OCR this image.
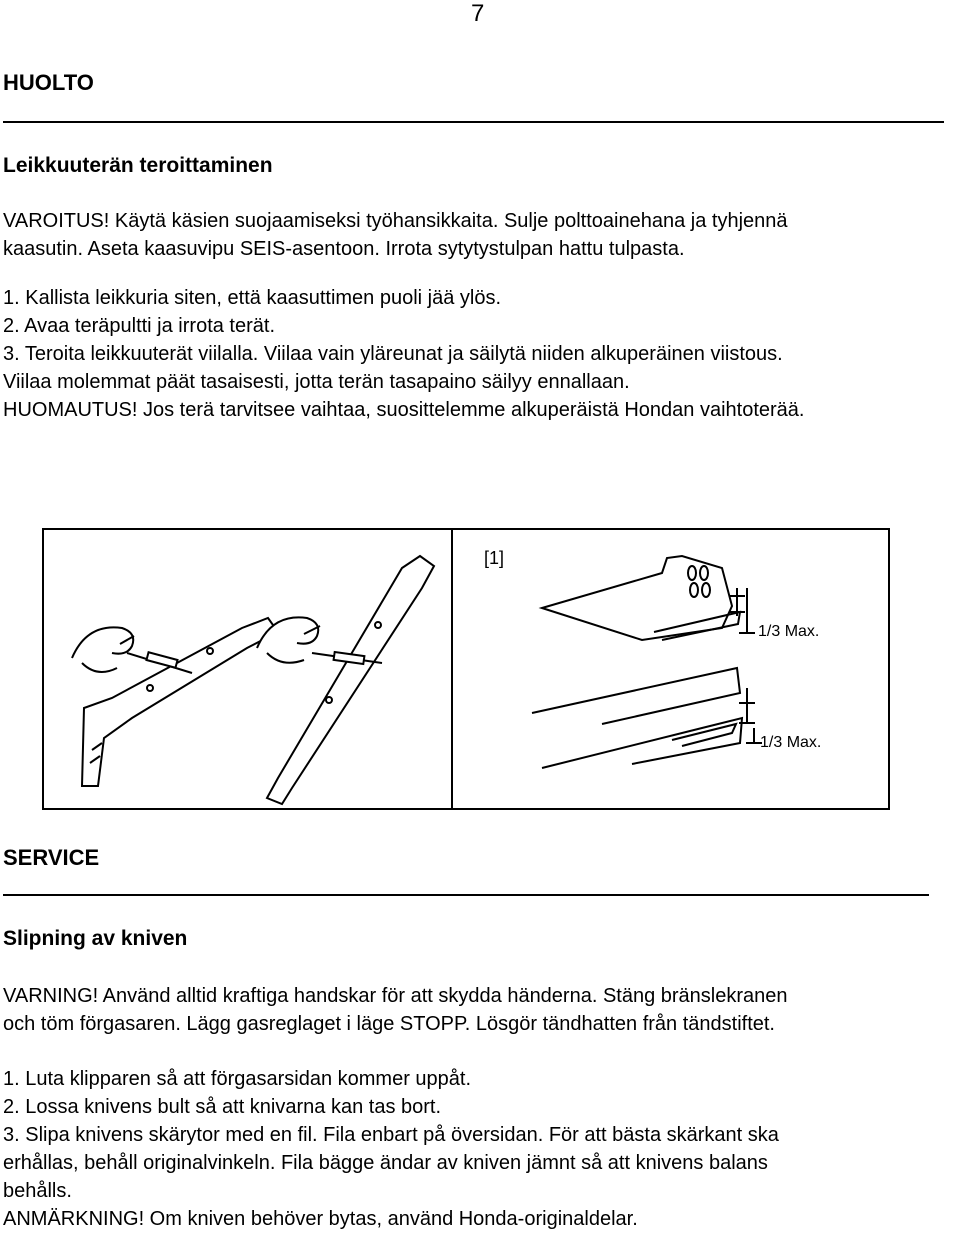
7
HUOLTO
Leikkuuterän teroittaminen
VAROITUS! Käytä käsien suojaamiseksi työhansikkaita. Sulje polttoainehana ja tyhjennä
kaasutin. Aseta kaasuvipu SEIS-asentoon. Irrota sytytystulpan hattu tulpasta.
1. Kallista leikkuria siten, että kaasuttimen puoli jää ylös.
2. Avaa teräpultti ja irrota terät.
3. Teroita leikkuuterät viilalla. Viilaa vain yläreunat ja säilytä niiden alkuperäinen viistous.
Viilaa molemmat päät tasaisesti, jotta terän tasapaino säilyy ennallaan.
HUOMAUTUS! Jos terä tarvitsee vaihtaa, suosittelemme alkuperäistä Hondan vaihtoterää.
[1]
1/3 Max.
1/3 Max.
SERVICE
Slipning av kniven
VARNING! Använd alltid kraftiga handskar för att skydda händerna. Stäng bränslekranen
och töm förgasaren. Lägg gasreglaget i läge STOPP. Lösgör tändhatten från tändstiftet.
1. Luta klipparen så att förgasarsidan kommer uppåt.
2. Lossa knivens bult så att knivarna kan tas bort.
3. Slipa knivens skärytor med en fil. Fila enbart på översidan. För att bästa skärkant ska
erhållas, behåll originalvinkeln. Fila bägge ändar av kniven jämnt så att knivens balans
behålls.
ANMÄRKNING! Om kniven behöver bytas, använd Honda-originaldelar.
